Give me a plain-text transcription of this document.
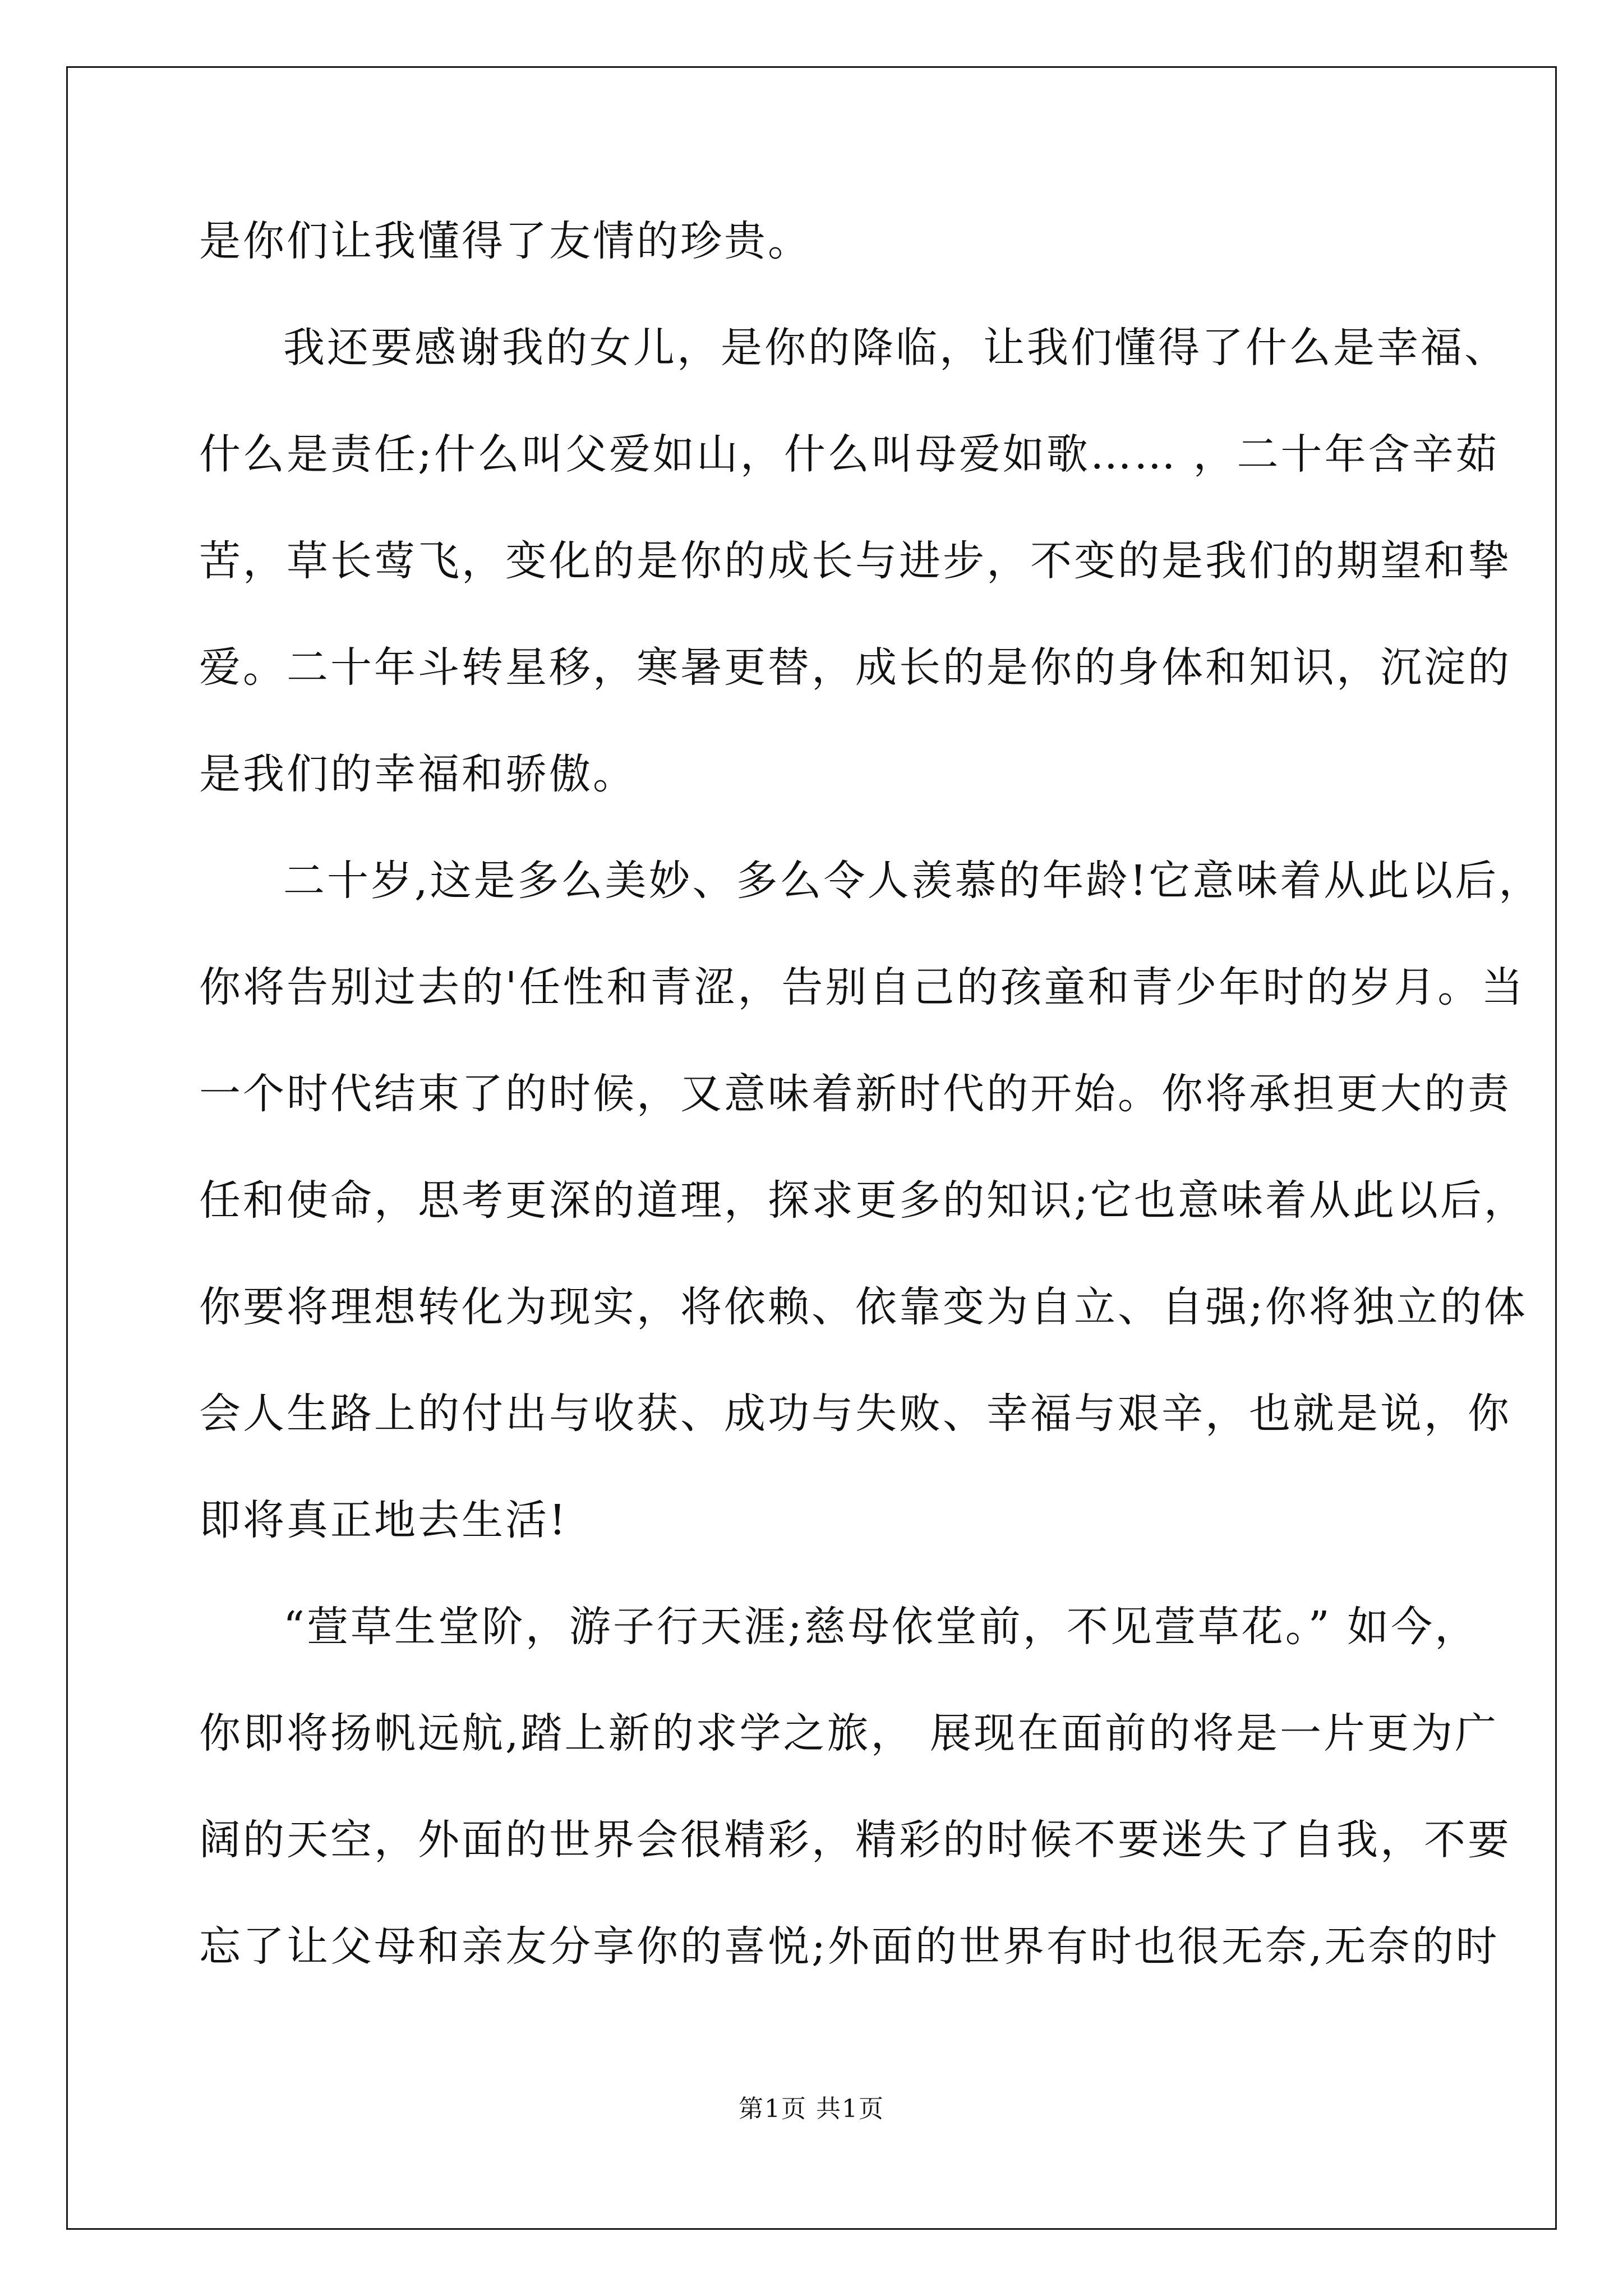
是你们让我懂得了友情的珍贵。
我还要感谢我的女儿，是你的降临，让我们懂得了什么是幸福、
什么是责任;什么叫父爱如山，什么叫母爱如歌…… ，二十年含辛茹
苦，草长莺飞，变化的是你的成长与进步，不变的是我们的期望和挚
爱。二十年斗转星移，寒暑更替，成长的是你的身体和知识，沉淀的
是我们的幸福和骄傲。
二十岁,这是多么美妙、多么令人羡慕的年龄!它意味着从此以后，
你将告别过去的'任性和青涩，告别自己的孩童和青少年时的岁月。当
一个时代结束了的时候，又意味着新时代的开始。你将承担更大的责
任和使命，思考更深的道理，探求更多的知识;它也意味着从此以后，
你要将理想转化为现实，将依赖、依靠变为自立、自强;你将独立的体
会人生路上的付出与收获、成功与失败、幸福与艰辛，也就是说，你
即将真正地去生活!
“萱草生堂阶，游子行天涯;慈母依堂前，不见萱草花。” 如今，
你即将扬帆远航,踏上新的求学之旅， 展现在面前的将是一片更为广
阔的天空，外面的世界会很精彩，精彩的时候不要迷失了自我，不要
忘了让父母和亲友分享你的喜悦;外面的世界有时也很无奈,无奈的时
第1页 共1页
